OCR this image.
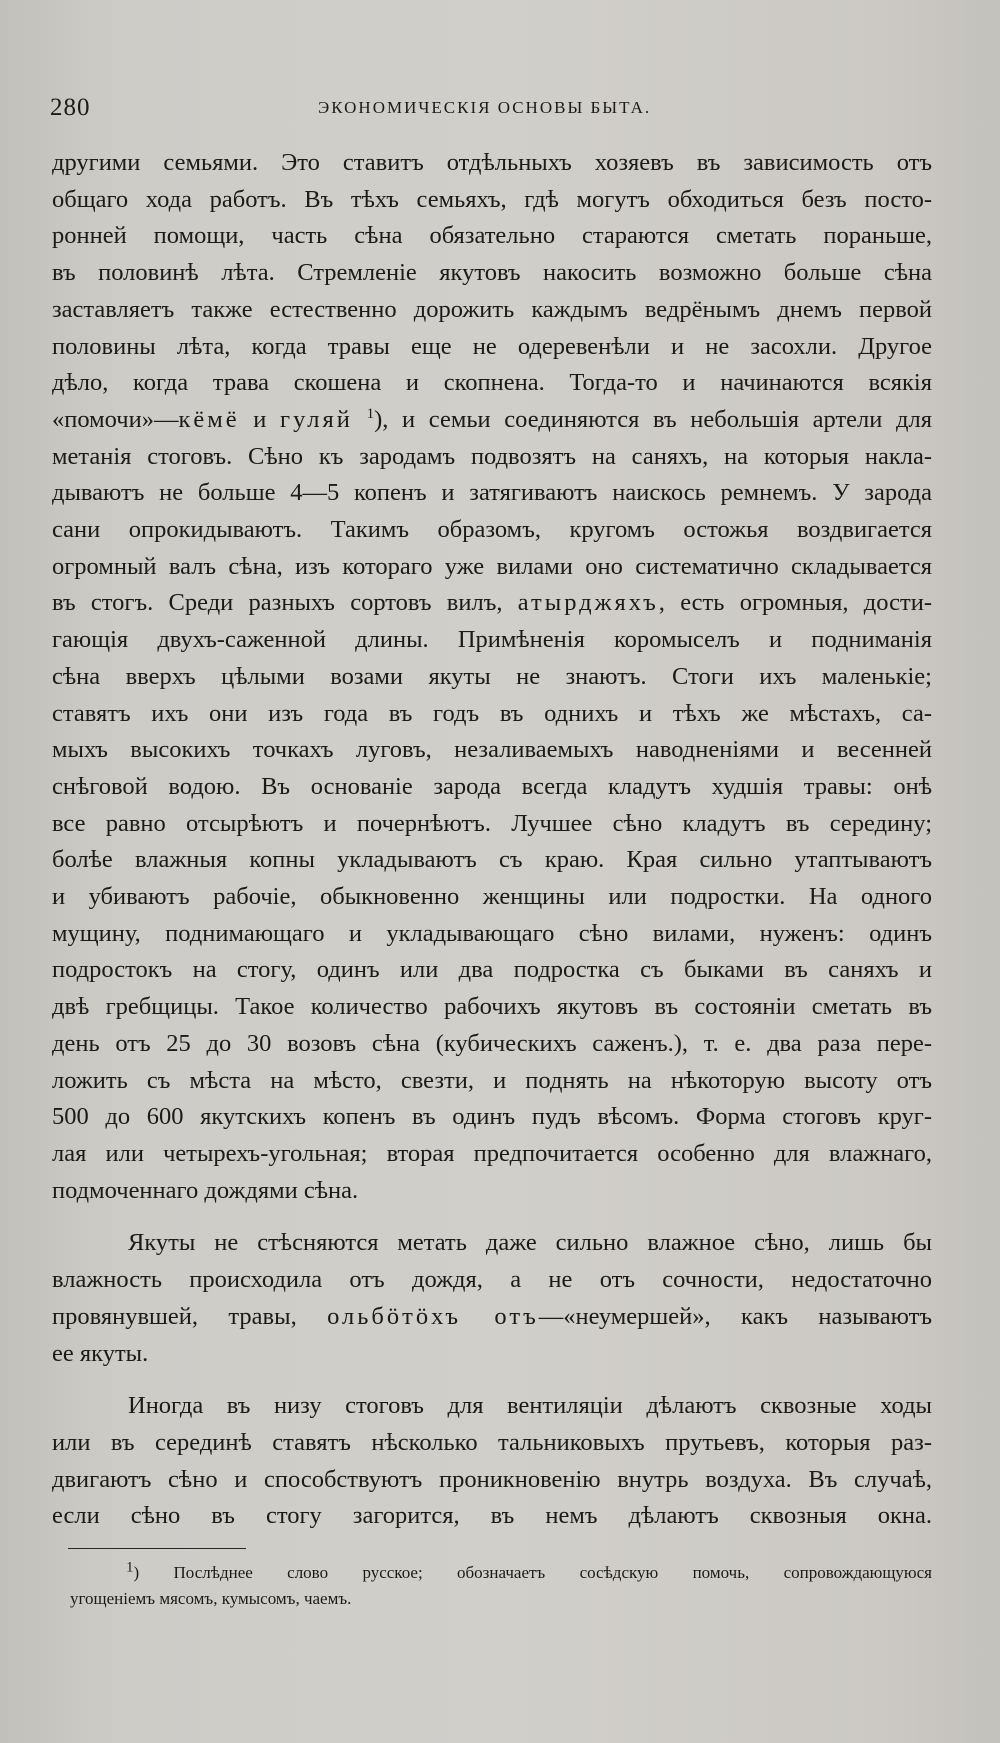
280	ЭКОНОМИЧЕСКІЯ ОСНОВЫ БЫТА.

другими семьями. Это ставитъ отдѣльныхъ хозяевъ въ зависимость отъ
общаго хода работъ. Въ тѣхъ семьяхъ, гдѣ могутъ обходиться безъ посто-
ронней помощи, часть сѣна обязательно стараются сметать пораньше,
въ половинѣ лѣта. Стремленіе якутовъ накосить возможно больше сѣна
заставляетъ также естественно дорожить каждымъ ведрёнымъ днемъ первой
половины лѣта, когда травы еще не одеревенѣли и не засохли. Другое
дѣло, когда трава скошена и скопнена. Тогда-то и начинаются всякія
«помочи»—кёмё и гуляй $^1$), и семьи соединяются въ небольшія артели для
метанія стоговъ. Сѣно къ зародамъ подвозятъ на саняхъ, на которыя накла-
дываютъ не больше 4—5 копенъ и затягиваютъ наискось ремнемъ. У зарода
сани опрокидываютъ. Такимъ образомъ, кругомъ остожья воздвигается
огромный валъ сѣна, изъ котораго уже вилами оно систематично складывается
въ стогъ. Среди разныхъ сортовъ вилъ, атырджяхъ, есть огромныя, дости-
гающія двухъ-саженной длины. Примѣненія коромыселъ и подниманія
сѣна вверхъ цѣлыми возами якуты не знаютъ. Стоги ихъ маленькіе;
ставятъ ихъ они изъ года въ годъ въ однихъ и тѣхъ же мѣстахъ, са-
мыхъ высокихъ точкахъ луговъ, незаливаемыхъ наводненіями и весенней
снѣговой водою. Въ основаніе зарода всегда кладутъ худшія травы: онѣ
все равно отсырѣютъ и почернѣютъ. Лучшее сѣно кладутъ въ середину;
болѣе влажныя копны укладываютъ съ краю. Края сильно утаптываютъ
и убиваютъ рабочіе, обыкновенно женщины или подростки. На одного
мущину, поднимающаго и укладывающаго сѣно вилами, нуженъ: одинъ
подростокъ на стогу, одинъ или два подростка съ быками въ саняхъ и
двѣ гребщицы. Такое количество рабочихъ якутовъ въ состояніи сметать въ
день отъ 25 до 30 возовъ сѣна (кубическихъ саженъ.), т. е. два раза пере-
ложить съ мѣста на мѣсто, свезти, и поднять на нѣкоторую высоту отъ
500 до 600 якутскихъ копенъ въ одинъ пудъ вѣсомъ. Форма стоговъ круг-
лая или четырехъ-угольная; вторая предпочитается особенно для влажнаго,
подмоченнаго дождями сѣна.

Якуты не стѣсняются метать даже сильно влажное сѣно, лишь бы
влажность происходила отъ дождя, а не отъ сочности, недостаточно
провянувшей, травы, ольбӧтӧхъ отъ—«неумершей», какъ называютъ
ее якуты.

Иногда въ низу стоговъ для вентиляціи дѣлаютъ сквозные ходы
или въ серединѣ ставятъ нѣсколько тальниковыхъ прутьевъ, которыя раз-
двигаютъ сѣно и способствуютъ проникновенію внутрь воздуха. Въ случаѣ,
если сѣно въ стогу загорится, въ немъ дѣлаютъ сквозныя окна.

$^1$) Послѣднее слово русское; обозначаетъ сосѣдскую помочь, сопровождающуюся
угощеніемъ мясомъ, кумысомъ, чаемъ.
